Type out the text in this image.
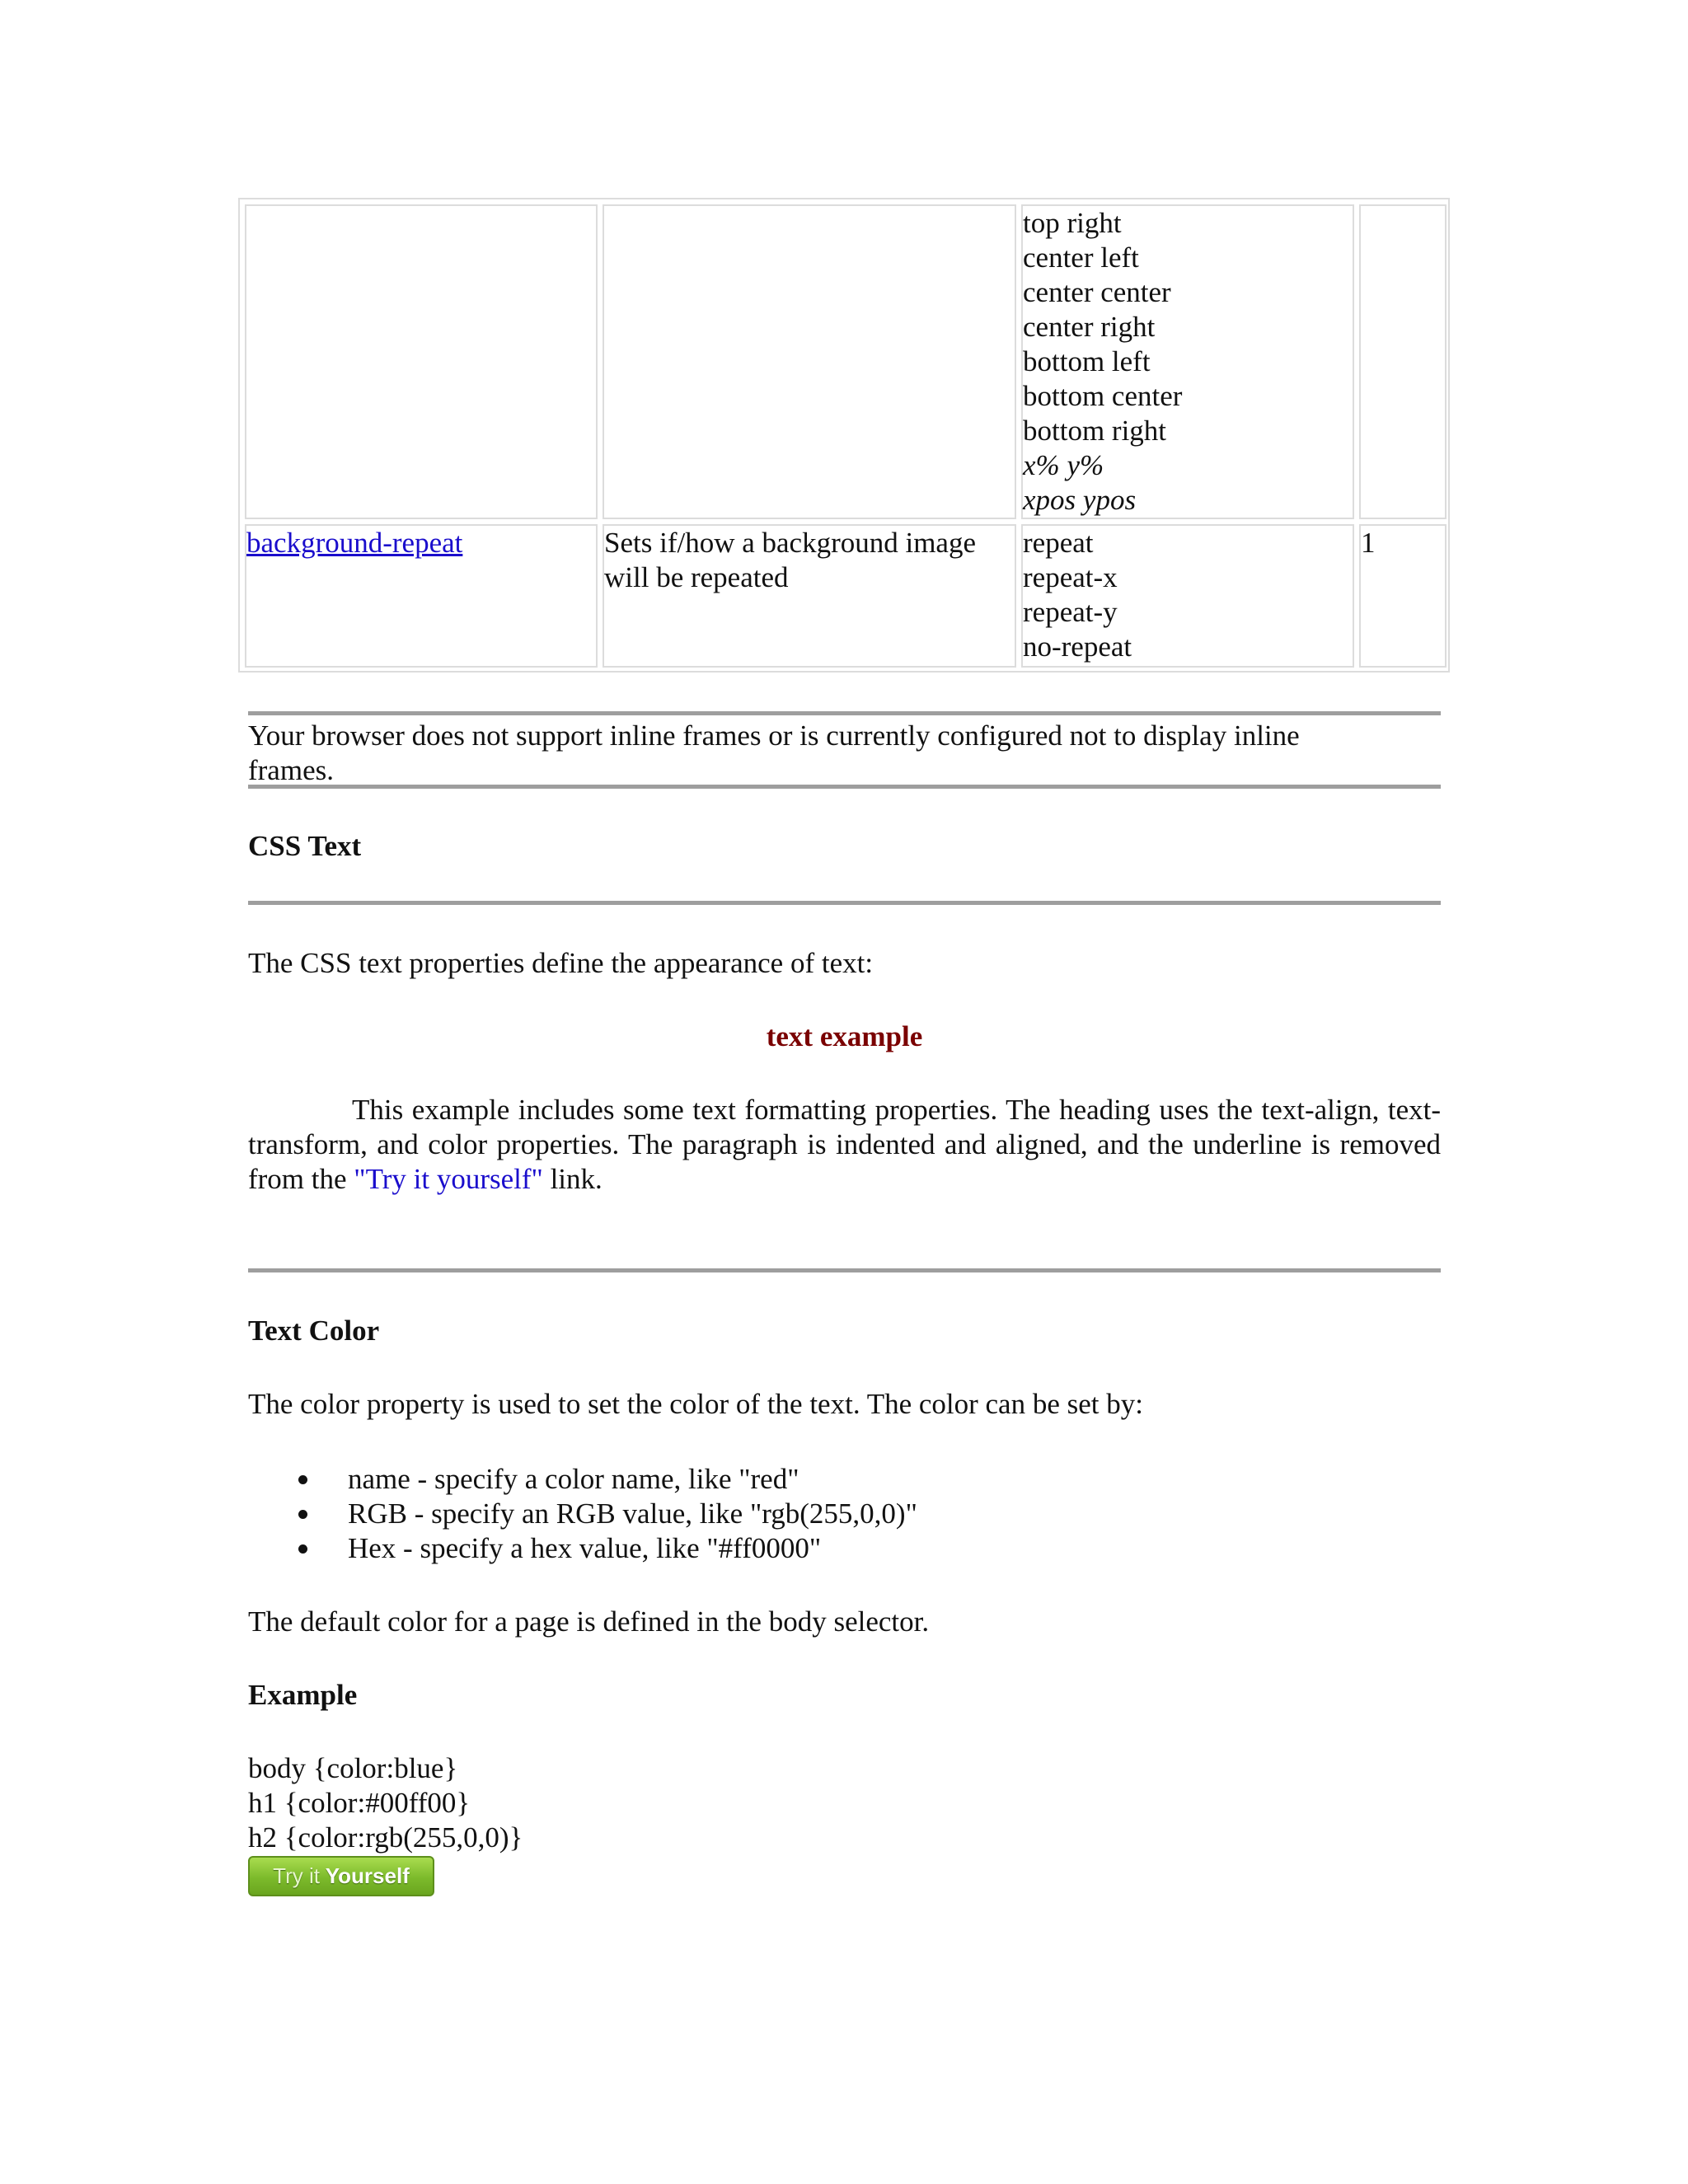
top right
center left
center center
center right
bottom left
bottom center
bottom right
x% y%
xpos ypos
background-repeat	Sets if/how a background image will be repeated
repeat
repeat-x
repeat-y
no-repeat
1
Your browser does not support inline frames or is currently configured not to display inline frames.
CSS Text
The CSS text properties define the appearance of text:
text example
This example includes some text formatting properties. The heading uses the text-align, text-transform, and color properties. The paragraph is indented and aligned, and the underline is removed from the "Try it yourself" link.
Text Color
The color property is used to set the color of the text. The color can be set by:
name - specify a color name, like "red"
RGB - specify an RGB value, like "rgb(255,0,0)"
Hex - specify a hex value, like "#ff0000"
The default color for a page is defined in the body selector.
Example
body {color:blue}
h1 {color:#00ff00}
h2 {color:rgb(255,0,0)}
Try it Yourself
